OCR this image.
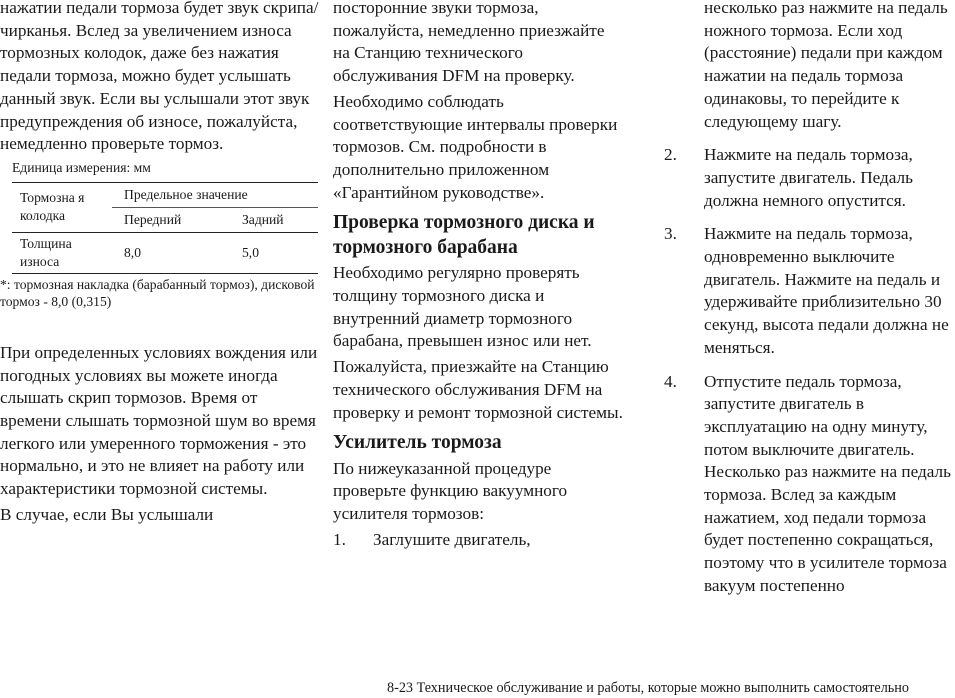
нажатии педали тормоза будет звук скрипа/чирканья. Вслед за увеличением износа тормозных колодок, даже без нажатия педали тормоза, можно будет услышать данный звук. Если вы услышали этот звук предупреждения об износе, пожалуйста, немедленно проверьте тормоз.

Единица измерения: мм
Тормозна я колодка	Предельное значение	
	Передний	Задний
Толщина износа	8,0	5,0

*: тормозная накладка (барабанный тормоз), дисковой тормоз - 8,0 (0,315)

При определенных условиях вождения или погодных условиях вы можете иногда слышать скрип тормозов. Время от времени слышать тормозной шум во время легкого или умеренного торможения - это нормально, и это не влияет на работу или характеристики тормозной системы.

В случае, если Вы услышали

посторонние звуки тормоза, пожалуйста, немедленно приезжайте на Станцию технического обслуживания DFM на проверку.

Необходимо соблюдать соответствующие интервалы проверки тормозов. См. подробности в дополнительно приложенном «Гарантийном руководстве».

Проверка тормозного диска и тормозного барабана

Необходимо регулярно проверять толщину тормозного диска и внутренний диаметр тормозного барабана, превышен износ или нет.

Пожалуйста, приезжайте на Станцию технического обслуживания DFM на проверку и ремонт тормозной системы.

Усилитель тормоза

По нижеуказанной процедуре проверьте функцию вакуумного усилителя тормозов:

1.	Заглушите двигатель,
несколько раз нажмите на педаль ножного тормоза. Если ход (расстояние) педали при каждом нажатии на педаль тормоза одинаковы, то перейдите к следующему шагу.
2.	Нажмите на педаль тормоза, запустите двигатель. Педаль должна немного опустится.
3.	Нажмите на педаль тормоза, одновременно выключите двигатель. Нажмите на педаль и удерживайте приблизительно 30 секунд, высота педали должна не меняться.
4.	Отпустите педаль тормоза, запустите двигатель в эксплуатацию на одну минуту, потом выключите двигатель. Несколько раз нажмите на педаль тормоза. Вслед за каждым нажатием, ход педали тормоза будет постепенно сокращаться, поэтому что в усилителе тормоза вакуум постепенно
8-23 Техническое обслуживание и работы, которые можно выполнить самостоятельно
